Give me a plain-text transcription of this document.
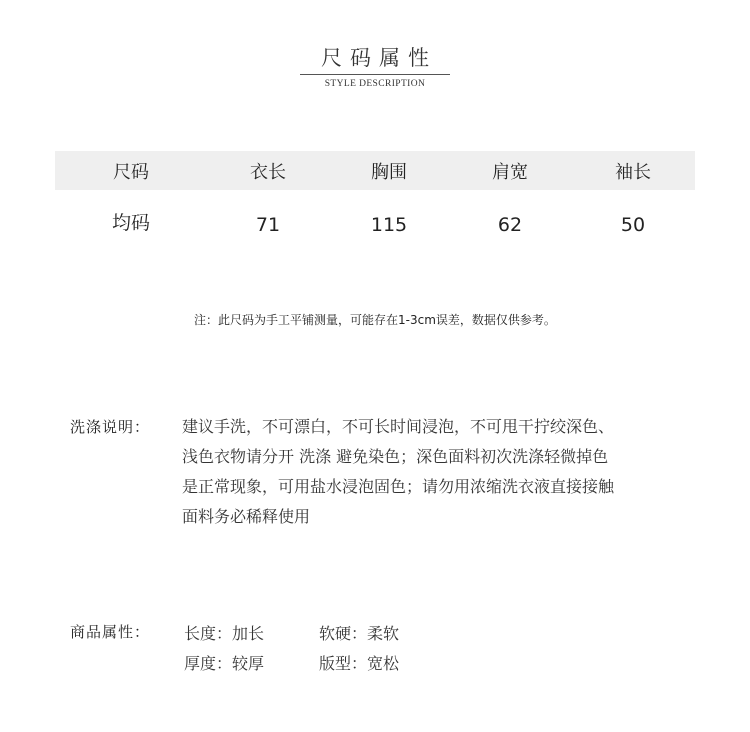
尺码属性
STYLE DESCRIPTION
尺码	衣长	胸围	肩宽	袖长
均码	71	115	62	50
注：此尺码为手工平铺测量，可能存在1-3cm误差，数据仅供参考。
洗涤说明： 建议手洗，不可漂白，不可长时间浸泡，不可甩干拧绞深色、
浅色衣物请分开 洗涤 避免染色；深色面料初次洗涤轻微掉色
是正常现象，可用盐水浸泡固色；请勿用浓缩洗衣液直接接触
面料务必稀释使用
商品属性： 长度：加长	软硬：柔软
厚度：较厚	版型：宽松
